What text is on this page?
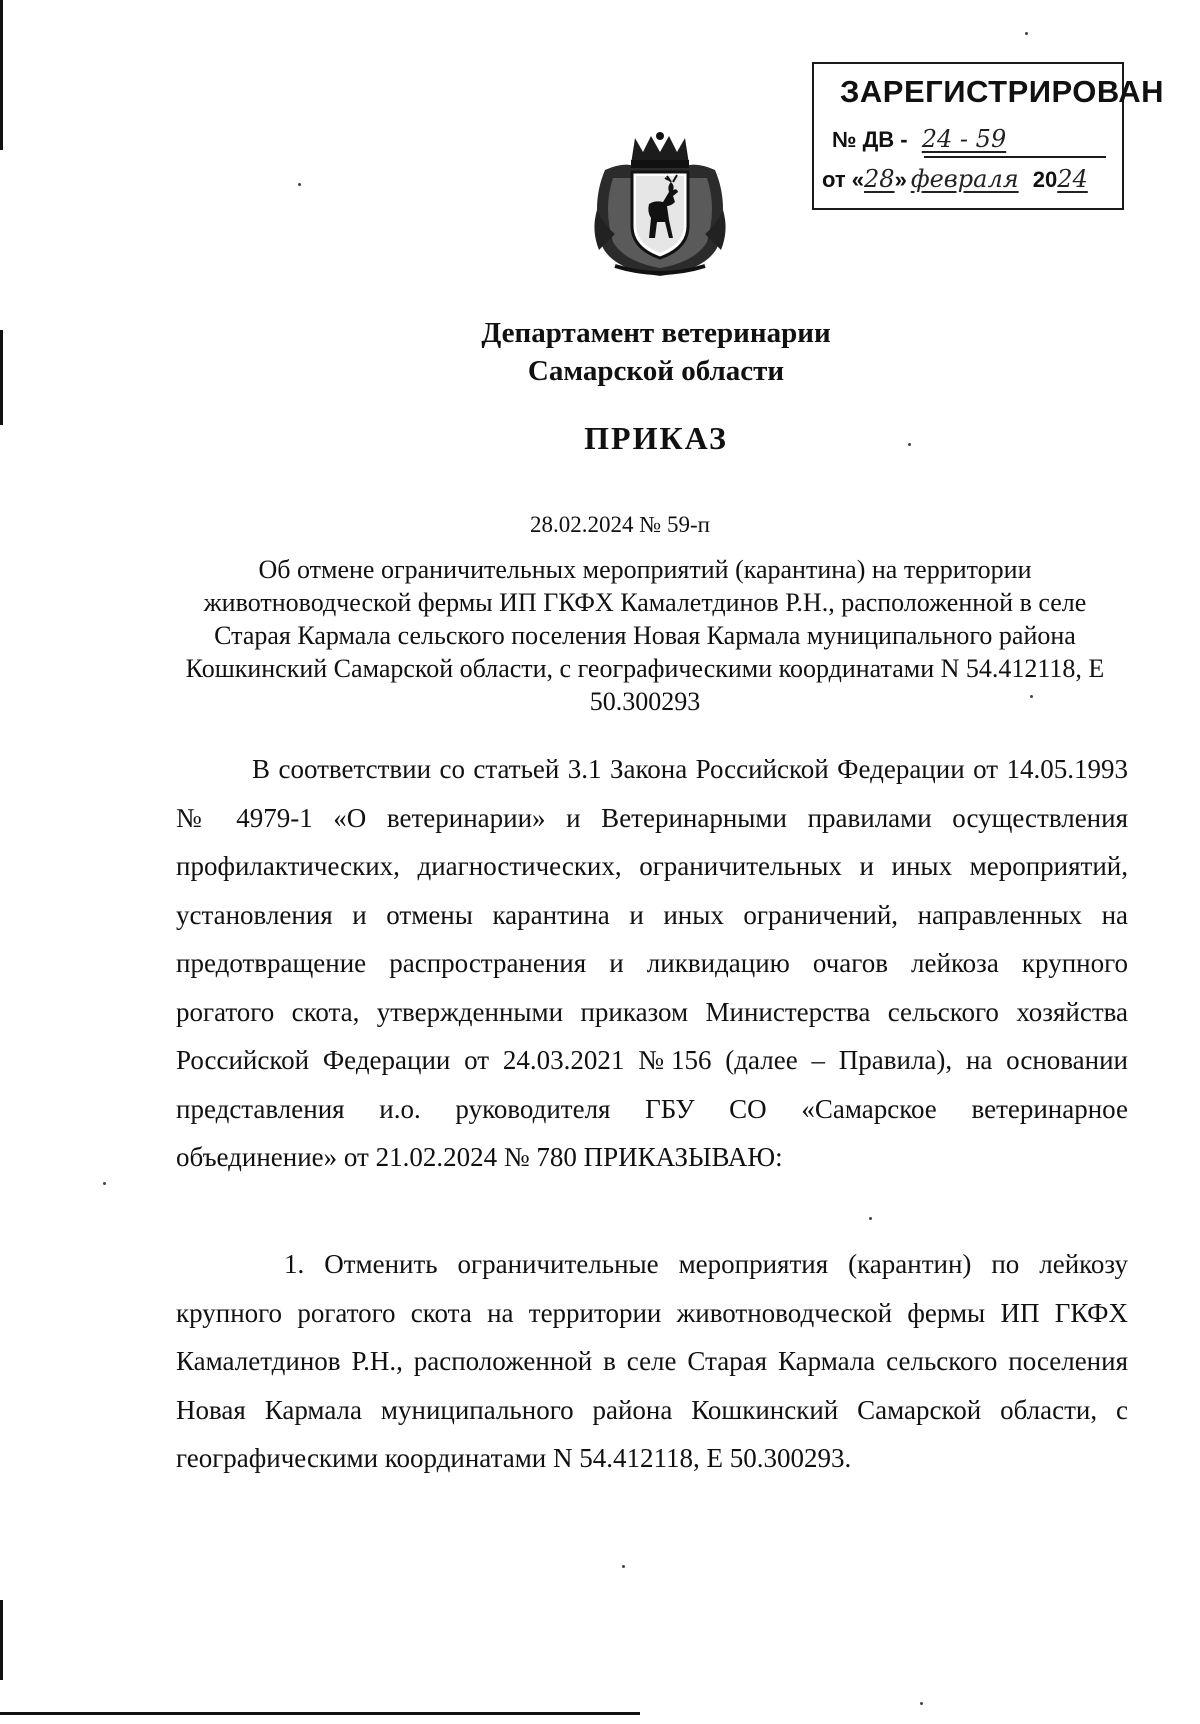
ЗАРЕГИСТРИРОВАН
№ ДВ - 24 - 59
от «28» февраля 2024
Департамент ветеринарии
Самарской области
ПРИКАЗ
28.02.2024 № 59-п
Об отмене ограничительных мероприятий (карантина) на территории животноводческой фермы ИП ГКФХ Камалетдинов Р.Н., расположенной в селе Старая Кармала сельского поселения Новая Кармала муниципального района Кошкинский Самарской области, с географическими координатами N 54.412118, E 50.300293

В соответствии со статьей 3.1 Закона Российской Федерации от 14.05.1993 № 4979-1 «О ветеринарии» и Ветеринарными правилами осуществления профилактических, диагностических, ограничительных и иных мероприятий, установления и отмены карантина и иных ограничений, направленных на предотвращение распространения и ликвидацию очагов лейкоза крупного рогатого скота, утвержденными приказом Министерства сельского хозяйства Российской Федерации от 24.03.2021 №156 (далее – Правила), на основании представления и.о. руководителя ГБУ СО «Самарское ветеринарное объединение» от 21.02.2024 № 780 ПРИКАЗЫВАЮ:

1. Отменить ограничительные мероприятия (карантин) по лейкозу крупного рогатого скота на территории животноводческой фермы ИП ГКФХ Камалетдинов Р.Н., расположенной в селе Старая Кармала сельского поселения Новая Кармала муниципального района Кошкинский Самарской области, с географическими координатами N 54.412118, E 50.300293.
